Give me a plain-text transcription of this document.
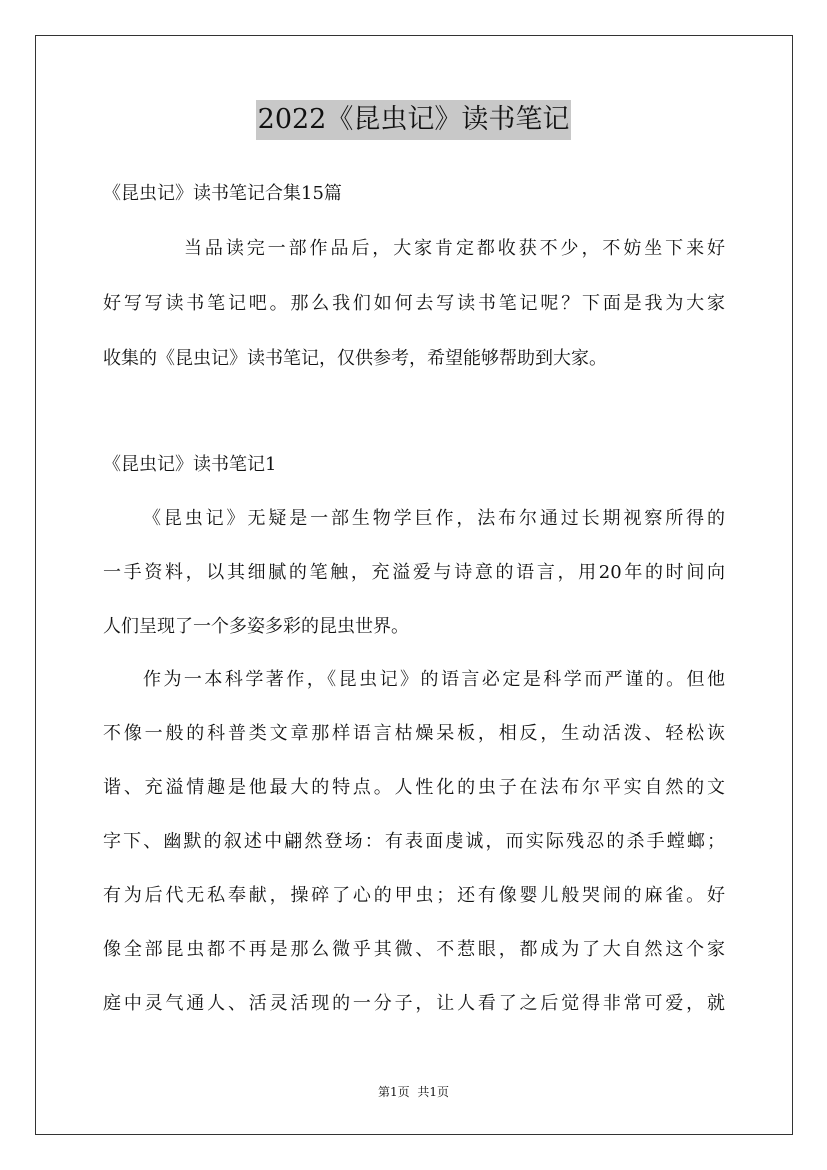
2022《昆虫记》读书笔记
《昆虫记》读书笔记合集15篇
当品读完一部作品后，大家肯定都收获不少，不妨坐下来好
好写写读书笔记吧。那么我们如何去写读书笔记呢？下面是我为大家
收集的《昆虫记》读书笔记，仅供参考，希望能够帮助到大家。
《昆虫记》读书笔记1
《昆虫记》无疑是一部生物学巨作，法布尔通过长期视察所得的
一手资料，以其细腻的笔触，充溢爱与诗意的语言，用20年的时间向
人们呈现了一个多姿多彩的昆虫世界。
作为一本科学著作，《昆虫记》的语言必定是科学而严谨的。但他
不像一般的科普类文章那样语言枯燥呆板，相反，生动活泼、轻松诙
谐、充溢情趣是他最大的特点。人性化的虫子在法布尔平实自然的文
字下、幽默的叙述中翩然登场：有表面虔诚，而实际残忍的杀手螳螂；
有为后代无私奉献，操碎了心的甲虫；还有像婴儿般哭闹的麻雀。好
像全部昆虫都不再是那么微乎其微、不惹眼，都成为了大自然这个家
庭中灵气通人、活灵活现的一分子，让人看了之后觉得非常可爱，就
第1页 共1页
